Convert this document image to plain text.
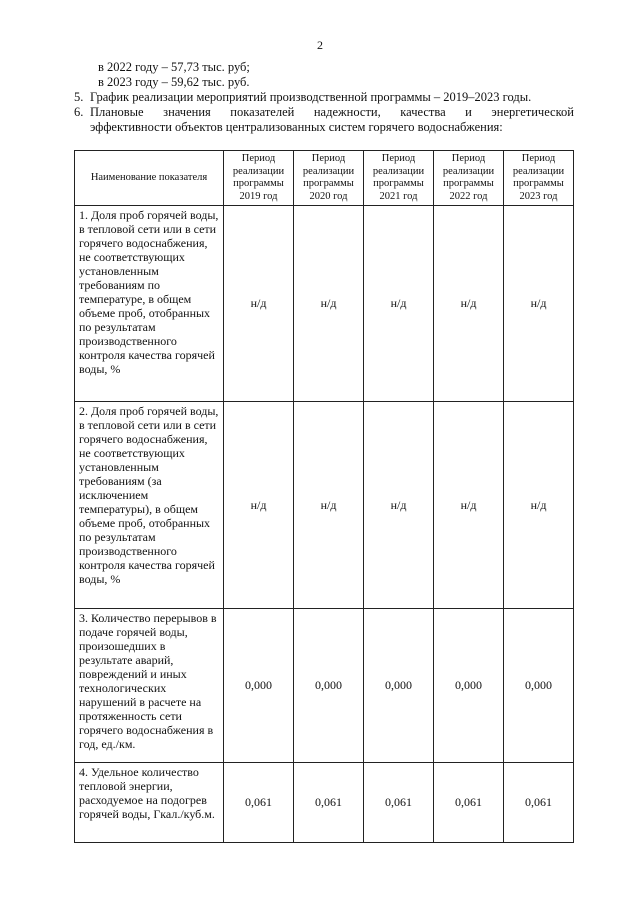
2
в 2022 году – 57,73 тыс. руб;
в 2023 году – 59,62 тыс. руб.
5. График реализации мероприятий производственной программы – 2019–2023 годы.
6. Плановые значения показателей надежности, качества и энергетической
эффективности объектов централизованных систем горячего водоснабжения:
Наименование показателя	Период реализации программы 2019 год	Период реализации программы 2020 год	Период реализации программы 2021 год	Период реализации программы 2022 год	Период реализации программы 2023 год
1. Доля проб горячей воды, в тепловой сети или в сети горячего водоснабжения, не соответствующих установленным требованиям по температуре, в общем объеме проб, отобранных по результатам производственного контроля качества горячей воды, %	н/д	н/д	н/д	н/д	н/д
2. Доля проб горячей воды, в тепловой сети или в сети горячего водоснабжения, не соответствующих установленным требованиям (за исключением температуры), в общем объеме проб, отобранных по результатам производственного контроля качества горячей воды, %	н/д	н/д	н/д	н/д	н/д
3. Количество перерывов в подаче горячей воды, произошедших в результате аварий, повреждений и иных технологических нарушений в расчете на протяженность сети горячего водоснабжения в год, ед./км.	0,000	0,000	0,000	0,000	0,000
4. Удельное количество тепловой энергии, расходуемое на подогрев горячей воды, Гкал./куб.м.	0,061	0,061	0,061	0,061	0,061
